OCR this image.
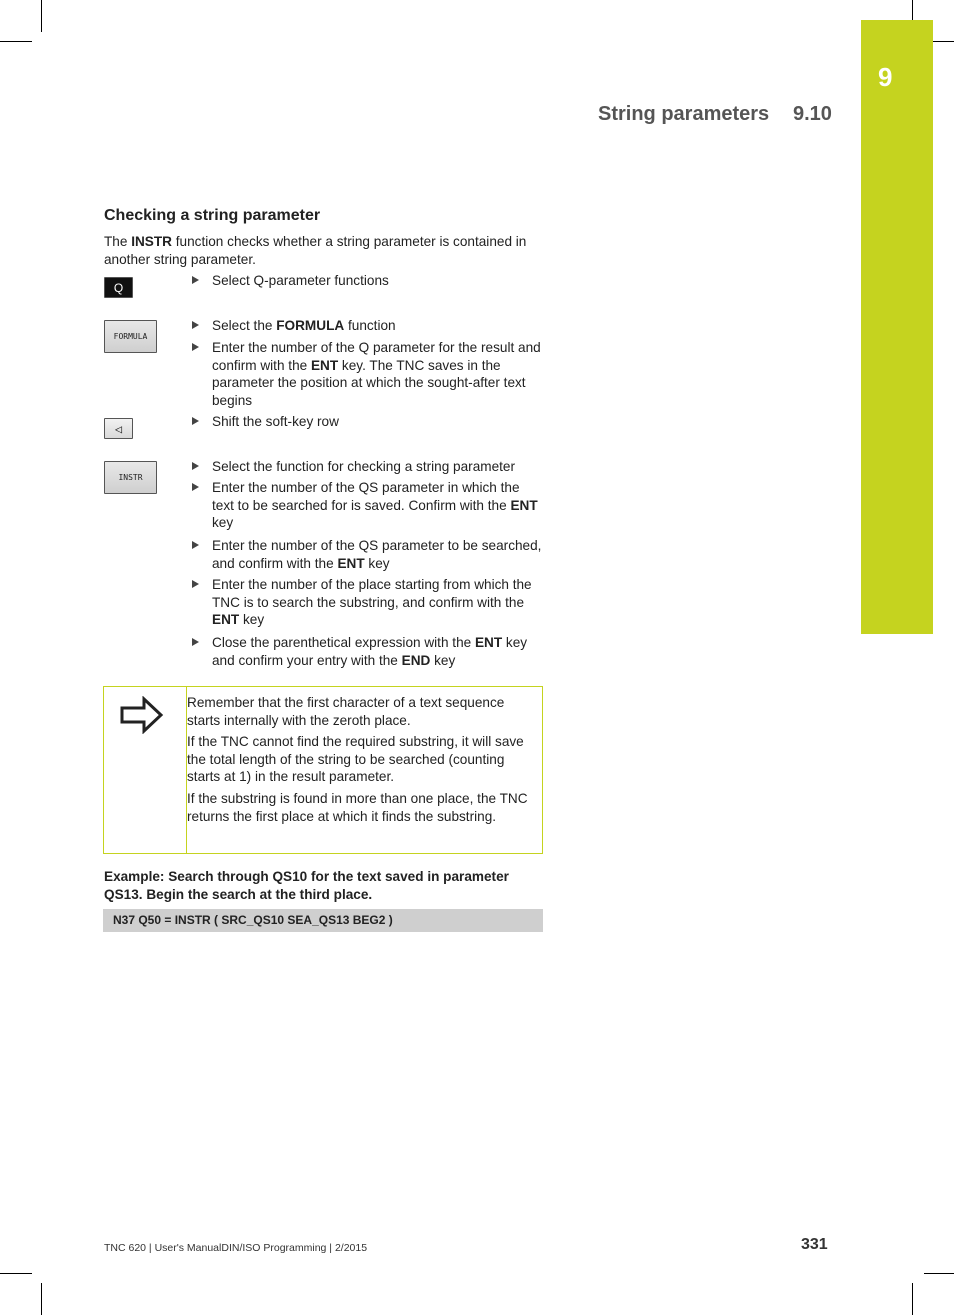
9
String parameters 9.10
Checking a string parameter
The INSTR function checks whether a string parameter is contained in another string parameter.
Q
FORMULA
◁
INSTR
Select Q-parameter functions
Select the FORMULA function
Enter the number of the Q parameter for the result and confirm with the ENT key. The TNC saves in the parameter the position at which the sought-after text begins
Shift the soft-key row
Select the function for checking a string parameter
Enter the number of the QS parameter in which the text to be searched for is saved. Confirm with the ENT key
Enter the number of the QS parameter to be searched, and confirm with the ENT key
Enter the number of the place starting from which the TNC is to search the substring, and confirm with the ENT key
Close the parenthetical expression with the ENT key and confirm your entry with the END key
Remember that the first character of a text sequence starts internally with the zeroth place.
If the TNC cannot find the required substring, it will save the total length of the string to be searched (counting starts at 1) in the result parameter.
If the substring is found in more than one place, the TNC returns the first place at which it finds the substring.
Example: Search through QS10 for the text saved in parameter QS13. Begin the search at the third place.
N37 Q50 = INSTR ( SRC_QS10 SEA_QS13 BEG2 )
TNC 620 | User's ManualDIN/ISO Programming | 2/2015	331
